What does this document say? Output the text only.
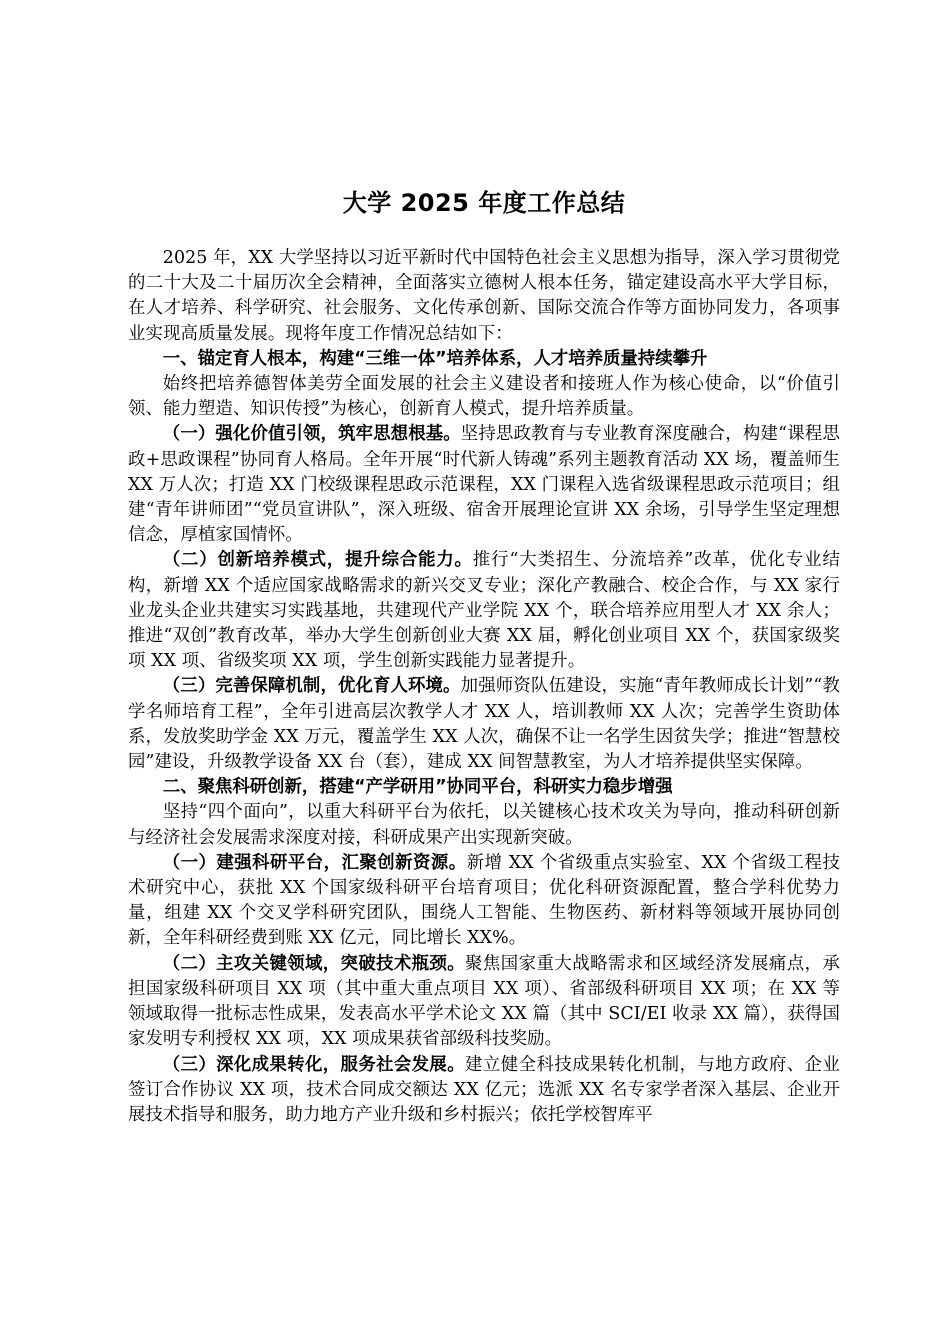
大学 2025 年度工作总结

2025 年，XX 大学坚持以习近平新时代中国特色社会主义思想为指导，深入学习贯彻党的二十大及二十届历次全会精神，全面落实立德树人根本任务，锚定建设高水平大学目标，在人才培养、科学研究、社会服务、文化传承创新、国际交流合作等方面协同发力，各项事业实现高质量发展。现将年度工作情况总结如下：

一、锚定育人根本，构建“三维一体”培养体系，人才培养质量持续攀升

始终把培养德智体美劳全面发展的社会主义建设者和接班人作为核心使命，以“价值引领、能力塑造、知识传授”为核心，创新育人模式，提升培养质量。

（一）强化价值引领，筑牢思想根基。坚持思政教育与专业教育深度融合，构建“课程思政+思政课程”协同育人格局。全年开展“时代新人铸魂”系列主题教育活动 XX 场，覆盖师生 XX 万人次；打造 XX 门校级课程思政示范课程，XX 门课程入选省级课程思政示范项目；组建“青年讲师团”“党员宣讲队”，深入班级、宿舍开展理论宣讲 XX 余场，引导学生坚定理想信念，厚植家国情怀。

（二）创新培养模式，提升综合能力。推行“大类招生、分流培养”改革，优化专业结构，新增 XX 个适应国家战略需求的新兴交叉专业；深化产教融合、校企合作，与 XX 家行业龙头企业共建实习实践基地，共建现代产业学院 XX 个，联合培养应用型人才 XX 余人；推进“双创”教育改革，举办大学生创新创业大赛 XX 届，孵化创业项目 XX 个，获国家级奖项 XX 项、省级奖项 XX 项，学生创新实践能力显著提升。

（三）完善保障机制，优化育人环境。加强师资队伍建设，实施“青年教师成长计划”“教学名师培育工程”，全年引进高层次教学人才 XX 人，培训教师 XX 人次；完善学生资助体系，发放奖助学金 XX 万元，覆盖学生 XX 人次，确保不让一名学生因贫失学；推进“智慧校园”建设，升级教学设备 XX 台（套），建成 XX 间智慧教室，为人才培养提供坚实保障。

二、聚焦科研创新，搭建“产学研用”协同平台，科研实力稳步增强

坚持“四个面向”，以重大科研平台为依托，以关键核心技术攻关为导向，推动科研创新与经济社会发展需求深度对接，科研成果产出实现新突破。

（一）建强科研平台，汇聚创新资源。新增 XX 个省级重点实验室、XX 个省级工程技术研究中心，获批 XX 个国家级科研平台培育项目；优化科研资源配置，整合学科优势力量，组建 XX 个交叉学科研究团队，围绕人工智能、生物医药、新材料等领域开展协同创新，全年科研经费到账 XX 亿元，同比增长 XX%。

（二）主攻关键领域，突破技术瓶颈。聚焦国家重大战略需求和区域经济发展痛点，承担国家级科研项目 XX 项（其中重大重点项目 XX 项）、省部级科研项目 XX 项；在 XX 等领域取得一批标志性成果，发表高水平学术论文 XX 篇（其中 SCI/EI 收录 XX 篇），获得国家发明专利授权 XX 项，XX 项成果获省部级科技奖励。

（三）深化成果转化，服务社会发展。建立健全科技成果转化机制，与地方政府、企业签订合作协议 XX 项，技术合同成交额达 XX 亿元；选派 XX 名专家学者深入基层、企业开展技术指导和服务，助力地方产业升级和乡村振兴；依托学校智库平
